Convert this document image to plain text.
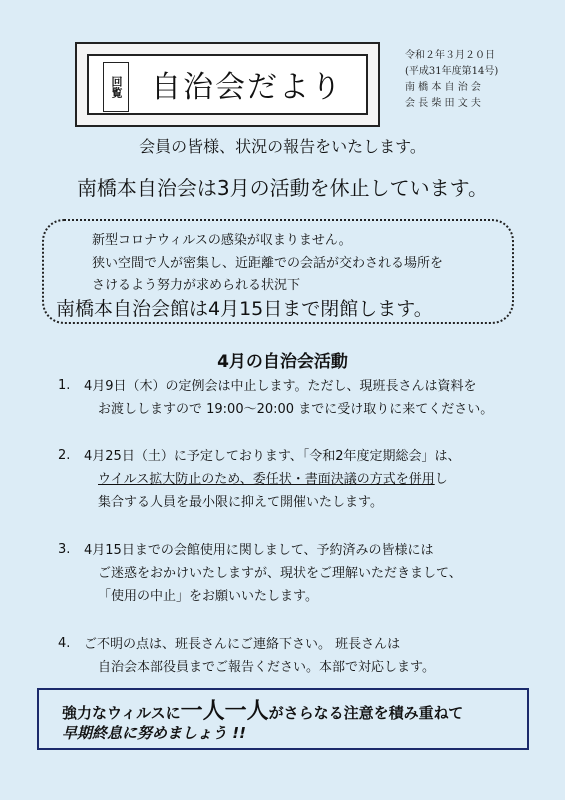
回覧 自治会だより
令和２年３月２０日
(平成31年度第14号)
南 橋 本 自 治 会
会 長 柴 田 文 夫
会員の皆様、状況の報告をいたします。
南橋本自治会は3月の活動を休止しています。
新型コロナウィルスの感染が収まりません。
狭い空間で人が密集し、近距離での会話が交わされる場所を
さけるよう努力が求められる状況下
南橋本自治会館は4月15日まで閉館します。
4月の自治会活動
1. 4月9日（木）の定例会は中止します。ただし、現班長さんは資料を
お渡ししますので 19:00～20:00 までに受け取りに来てください。
2. 4月25日（土）に予定しております、「令和2年度定期総会」は、
ウイルス拡大防止のため、委任状・書面決議の方式を併用し
集合する人員を最小限に抑えて開催いたします。
3. 4月15日までの会館使用に関しまして、予約済みの皆様には
ご迷惑をおかけいたしますが、現状をご理解いただきまして、
「使用の中止」をお願いいたします。
4. ご不明の点は、班長さんにご連絡下さい。 班長さんは
自治会本部役員までご報告ください。本部で対応します。
強力なウィルスに一人一人がさらなる注意を積み重ねて
早期終息に努めましょう !!
